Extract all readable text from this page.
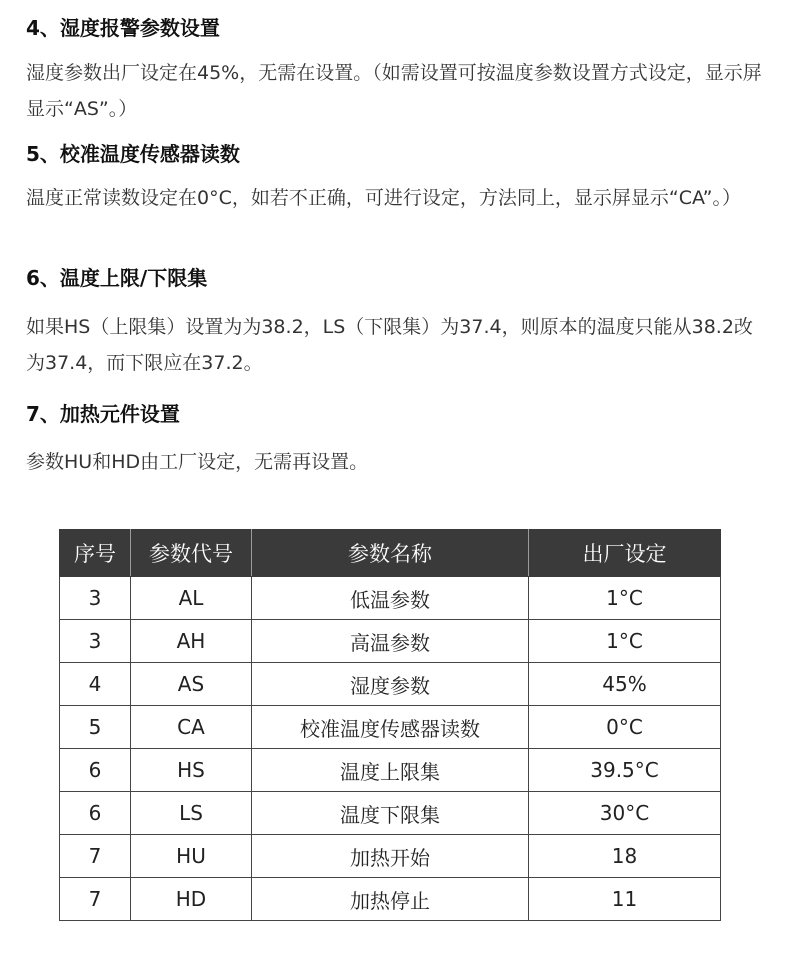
4、湿度报警参数设置
湿度参数出厂设定在45%，无需在设置。（如需设置可按温度参数设置方式设定，显示屏显示“AS”。）
5、校准温度传感器读数
温度正常读数设定在0°C，如若不正确，可进行设定，方法同上，显示屏显示“CA”。）
6、温度上限/下限集
如果HS（上限集）设置为为38.2，LS（下限集）为37.4，则原本的温度只能从38.2改为37.4，而下限应在37.2。
7、加热元件设置
参数HU和HD由工厂设定，无需再设置。
序号	参数代号	参数名称	出厂设定
3	AL	低温参数	1°C
3	AH	高温参数	1°C
4	AS	湿度参数	45%
5	CA	校准温度传感器读数	0°C
6	HS	温度上限集	39.5°C
6	LS	温度下限集	30°C
7	HU	加热开始	18
7	HD	加热停止	11
